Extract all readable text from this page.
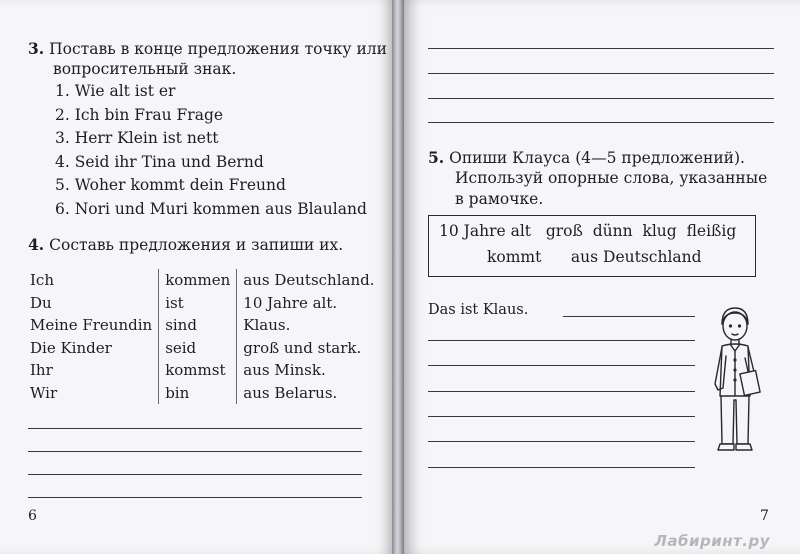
3. Поставь в конце предложения точку или
вопросительный знак.
1. Wie alt ist er
2. Ich bin Frau Frage
3. Herr Klein ist nett
4. Seid ihr Tina und Bernd
5. Woher kommt dein Freund
6. Nori und Muri kommen aus Blauland
4. Составь предложения и запиши их.
Ich	kommen	aus Deutschland.
Du	ist	10 Jahre alt.
Meine Freundin	sind	Klaus.
Die Kinder	seid	groß und stark.
Ihr	kommst	aus Minsk.
Wir	bin	aus Belarus.
6
5. Опиши Клауса (4—5 предложений).
Используй опорные слова, указанные
в рамочке.
10 Jahre alt groß dünn klug fleißig
kommt aus Deutschland
Das ist Klaus.
7
Лабиринт.ру
